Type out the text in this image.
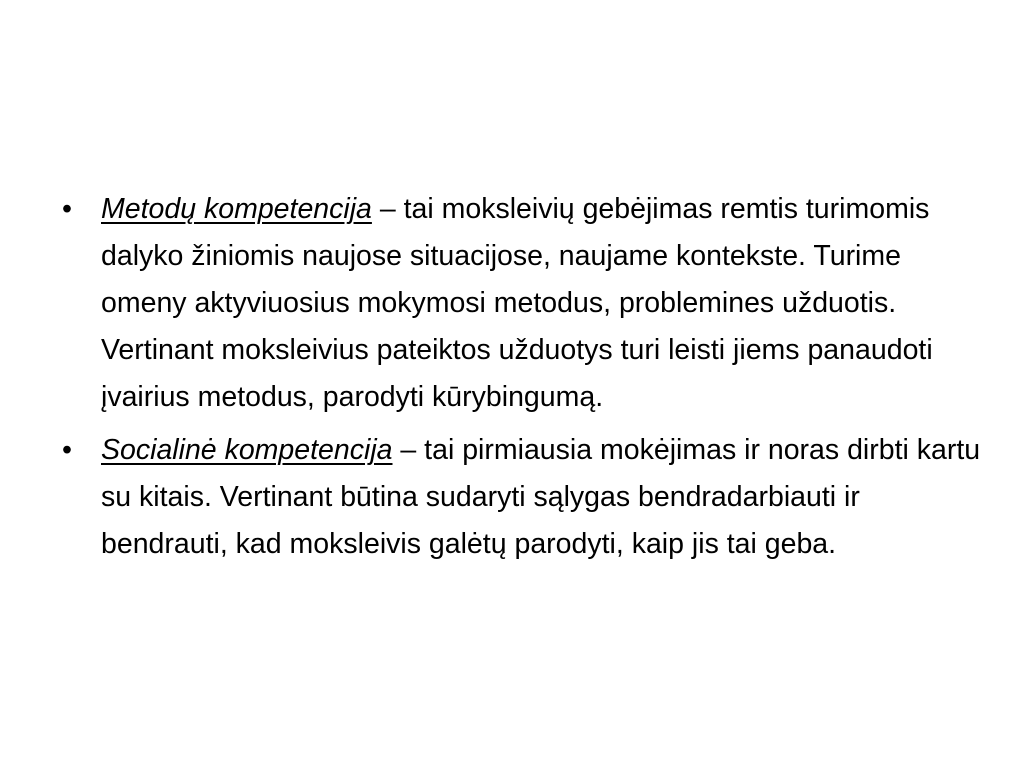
•	Metodų kompetencija – tai moksleivių gebėjimas remtis turimomis dalyko žiniomis naujose situacijose, naujame kontekste. Turime omeny aktyviuosius mokymosi metodus, problemines užduotis. Vertinant moksleivius pateiktos užduotys turi leisti jiems panaudoti įvairius metodus, parodyti kūrybingumą.
•	Socialinė kompetencija – tai pirmiausia mokėjimas ir noras dirbti kartu su kitais. Vertinant būtina sudaryti sąlygas bendradarbiauti ir bendrauti, kad moksleivis galėtų parodyti, kaip jis tai geba.
